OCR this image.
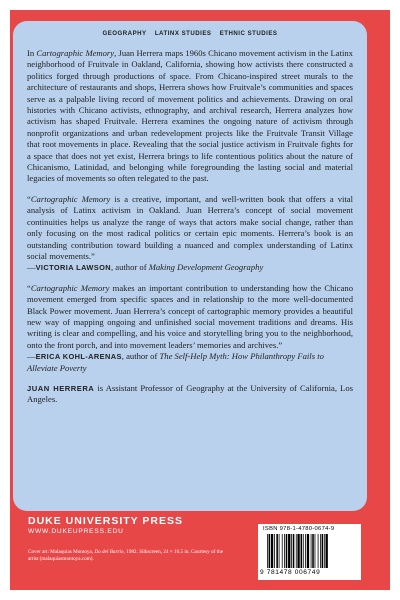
GEOGRAPHY LATINX STUDIES ETHNIC STUDIES

In Cartographic Memory, Juan Herrera maps 1960s Chicano movement activism in the Latinx neighborhood of Fruitvale in Oakland, California, showing how activists there constructed a politics forged through productions of space. From Chicano-inspired street murals to the architecture of restaurants and shops, Herrera shows how Fruitvale’s communities and spaces serve as a palpable living record of movement politics and achievements. Drawing on oral histories with Chicano activists, ethnography, and archival research, Herrera analyzes how activism has shaped Fruitvale. Herrera examines the ongoing nature of activism through nonprofit organizations and urban redevelopment projects like the Fruitvale Transit Village that root movements in place. Revealing that the social justice activism in Fruitvale fights for a space that does not yet exist, Herrera brings to life contentious politics about the nature of Chicanismo, Latinidad, and belonging while foregrounding the lasting social and material legacies of movements so often relegated to the past.

“Cartographic Memory is a creative, important, and well-written book that offers a vital analysis of Latinx activism in Oakland. Juan Herrera’s concept of social movement continuities helps us analyze the range of ways that actors make social change, rather than only focusing on the most radical politics or certain epic moments. Herrera’s book is an outstanding contribution toward building a nuanced and complex understanding of Latinx social movements.”

—VICTORIA LAWSON, author of Making Development Geography

“Cartographic Memory makes an important contribution to understanding how the Chicano movement emerged from specific spaces and in relationship to the more well-documented Black Power movement. Juan Herrera’s concept of cartographic memory provides a beautiful new way of mapping ongoing and unfinished social movement traditions and dreams. His writing is clear and compelling, and his voice and storytelling bring you to the neighborhood, onto the front porch, and into movement leaders’ memories and archives.”

—ERICA KOHL-ARENAS, author of The Self-Help Myth: How Philanthropy Fails to Alleviate Poverty

JUAN HERRERA is Assistant Professor of Geography at the University of California, Los Angeles.

DUKE UNIVERSITY PRESS
WWW.DUKEUPRESS.EDU
Cover art: Malaquias Montoya, Da del Barrio, 1982. Silkscreen, 24 × 16.5 in. Courtesy of the artist (malaquiasmontoya.com).
ISBN 978-1-4780-0674-9
9 781478 006749
